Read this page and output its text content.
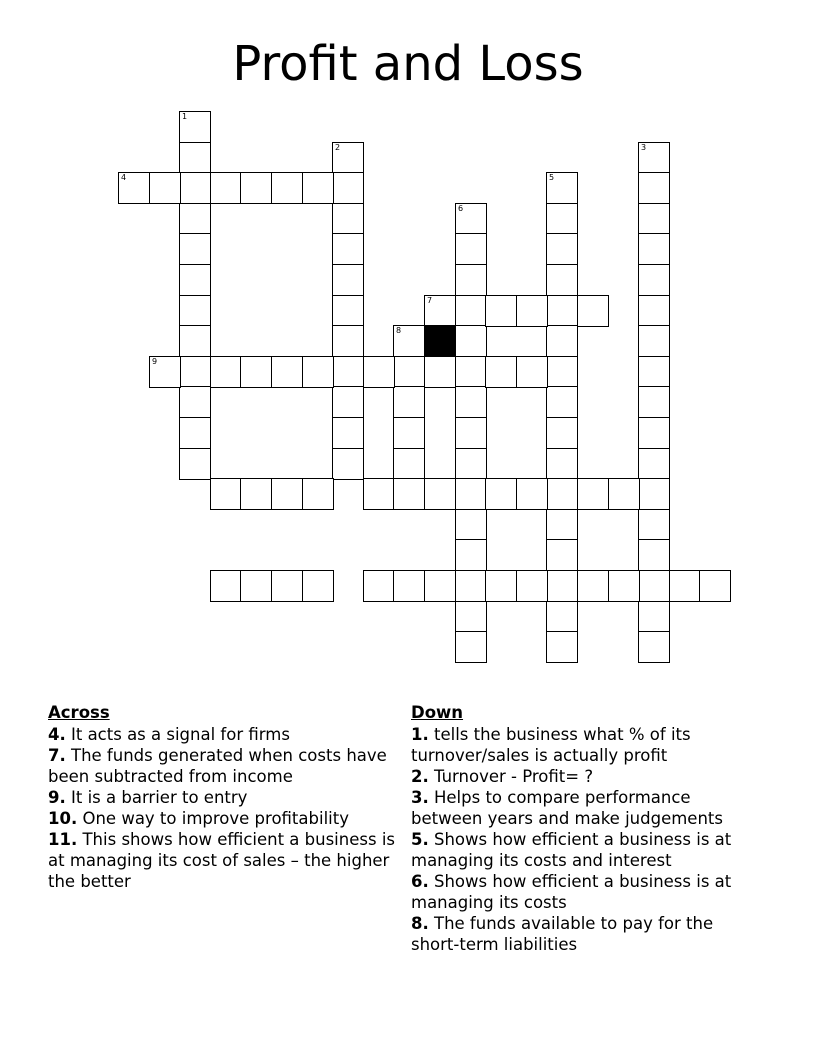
Profit and Loss
1
2	3
4	5
6
7
8
9
Across
4. It acts as a signal for firms
7. The funds generated when costs have been subtracted from income
9. It is a barrier to entry
10. One way to improve profitability
11. This shows how efficient a business is at managing its cost of sales – the higher the better
Down
1. tells the business what % of its turnover/sales is actually profit
2. Turnover - Profit= ?
3. Helps to compare performance between years and make judgements
5. Shows how efficient a business is at managing its costs and interest
6. Shows how efficient a business is at managing its costs
8. The funds available to pay for the short-term liabilities
